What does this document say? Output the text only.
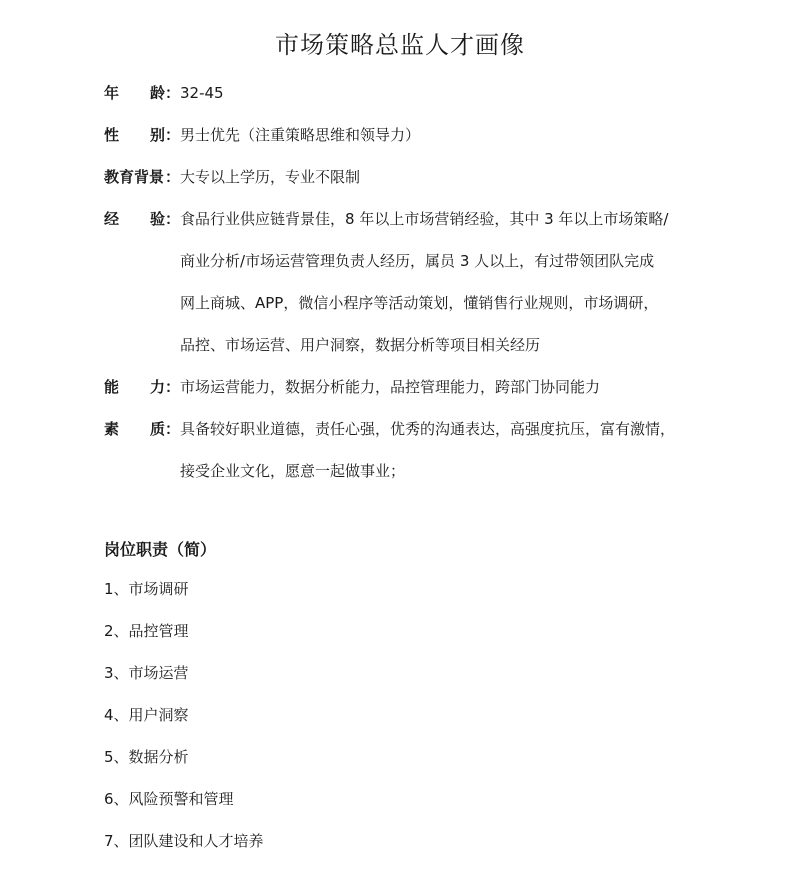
市场策略总监人才画像
年 龄： 32-45
性 别： 男士优先（注重策略思维和领导力）
教育背景 ： 大专以上学历，专业不限制
经 验： 食品行业供应链背景佳，8 年以上市场营销经验，其中 3 年以上市场策略/
商业分析/市场运营管理负责人经历，属员 3 人以上，有过带领团队完成
网上商城、APP，微信小程序等活动策划，懂销售行业规则，市场调研，
品控、市场运营、用户洞察，数据分析等项目相关经历
能 力： 市场运营能力，数据分析能力，品控管理能力，跨部门协同能力
素 质： 具备较好职业道德，责任心强，优秀的沟通表达，高强度抗压，富有激情，
接受企业文化，愿意一起做事业；
岗位职责（简）
1、市场调研
2、品控管理
3、市场运营
4、用户洞察
5、数据分析
6、风险预警和管理
7、团队建设和人才培养
